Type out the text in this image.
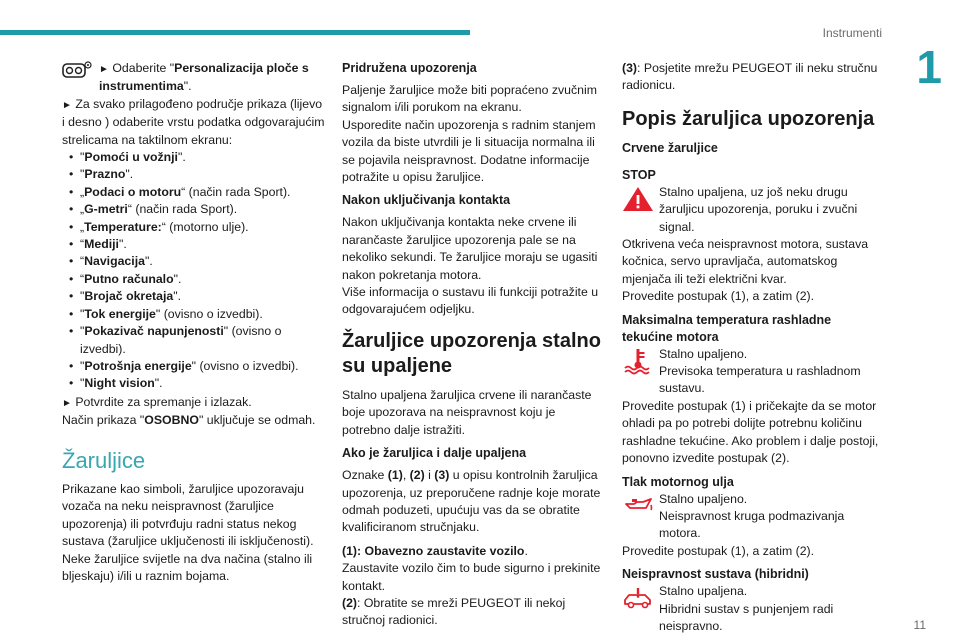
Instrumenti
1
11

► Odaberite "Personalizacija ploče s instrumentima".

► Za svako prilagođeno područje prikaza (lijevo i desno ) odaberite vrstu podatka odgovarajućim strelicama na taktilnom ekranu:

• "Pomoći u vožnji".
• "Prazno".
• „Podaci o motoru“ (način rada Sport).
• „G-metri“ (način rada Sport).
• „Temperature:“ (motorno ulje).
• “Mediji".
• “Navigacija".
• “Putno računalo".
• "Brojač okretaja".
• "Tok energije" (ovisno o izvedbi).
• "Pokazivač napunjenosti" (ovisno o izvedbi).
• "Potrošnja energije" (ovisno o izvedbi).
• "Night vision".

► Potvrdite za spremanje i izlazak.

Način prikaza "OSOBNO" uključuje se odmah.

Žaruljice

Prikazane kao simboli, žaruljice upozoravaju vozača na neku neispravnost (žaruljice upozorenja) ili potvrđuju radni status nekog sustava (žaruljice uključenosti ili isključenosti). Neke žaruljice svijetle na dva načina (stalno ili bljeskaju) i/ili u raznim bojama.

Pridružena upozorenja

Paljenje žaruljice može biti popraćeno zvučnim signalom i/ili porukom na ekranu.

Usporedite način upozorenja s radnim stanjem vozila da biste utvrdili je li situacija normalna ili se pojavila neispravnost. Dodatne informacije potražite u opisu žaruljice.

Nakon uključivanja kontakta

Nakon uključivanja kontakta neke crvene ili narančaste žaruljice upozorenja pale se na nekoliko sekundi. Te žaruljice moraju se ugasiti nakon pokretanja motora.

Više informacija o sustavu ili funkciji potražite u odgovarajućem odjeljku.

Žaruljice upozorenja stalno su upaljene

Stalno upaljena žaruljica crvene ili narančaste boje upozorava na neispravnost koju je potrebno dalje istražiti.

Ako je žaruljica i dalje upaljena

Oznake (1), (2) i (3) u opisu kontrolnih žaruljica upozorenja, uz preporučene radnje koje morate odmah poduzeti, upućuju vas da se obratite kvalificiranom stručnjaku.

(1): Obavezno zaustavite vozilo.

Zaustavite vozilo čim to bude sigurno i prekinite kontakt.

(2): Obratite se mreži PEUGEOT ili nekoj stručnoj radionici.

(3): Posjetite mrežu PEUGEOT ili neku stručnu radionicu.

Popis žaruljica upozorenja
Crvene žaruljice
STOP

Stalno upaljena, uz još neku drugu žaruljicu upozorenja, poruku i zvučni signal.

Otkrivena veća neispravnost motora, sustava kočnica, servo upravljača, automatskog mjenjača ili teži električni kvar.

Provedite postupak (1), a zatim (2).

Maksimalna temperatura rashladne tekućine motora

Stalno upaljeno.
Previsoka temperatura u rashladnom sustavu.

Provedite postupak (1) i pričekajte da se motor ohladi pa po potrebi dolijte potrebnu količinu rashladne tekućine. Ako problem i dalje postoji, ponovno izvedite postupak (2).

Tlak motornog ulja

Stalno upaljeno.
Neispravnost kruga podmazivanja motora.

Provedite postupak (1), a zatim (2).

Neispravnost sustava (hibridni)

Stalno upaljena.
Hibridni sustav s punjenjem radi neispravno.
